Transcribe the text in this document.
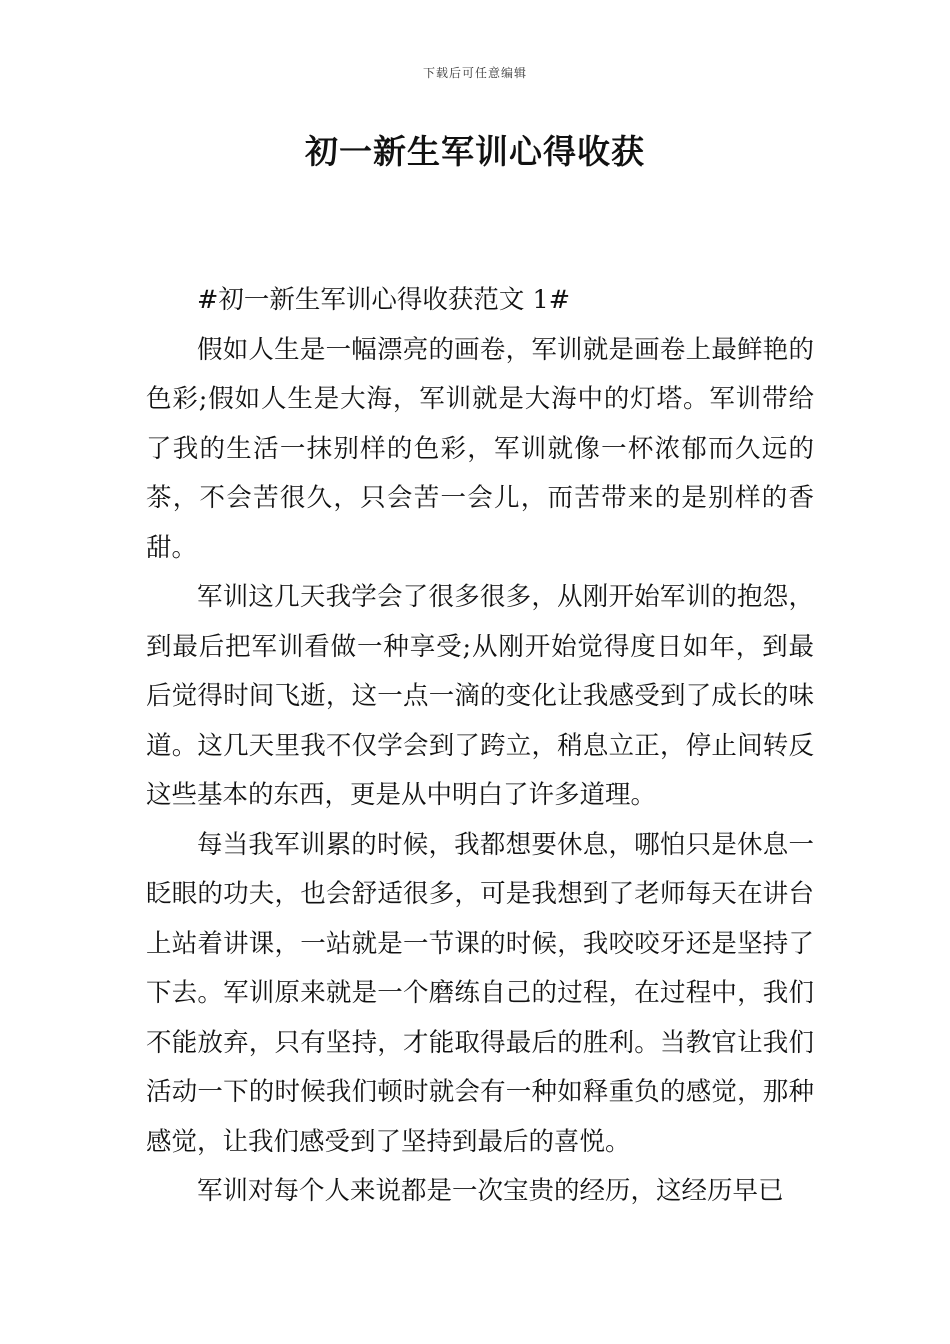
下载后可任意编辑
初一新生军训心得收获

#初一新生军训心得收获范文 1#

假如人生是一幅漂亮的画卷，军训就是画卷上最鲜艳的色彩;假如人生是大海，军训就是大海中的灯塔。军训带给了我的生活一抹别样的色彩，军训就像一杯浓郁而久远的茶，不会苦很久，只会苦一会儿，而苦带来的是别样的香甜。

军训这几天我学会了很多很多，从刚开始军训的抱怨，到最后把军训看做一种享受;从刚开始觉得度日如年，到最后觉得时间飞逝，这一点一滴的变化让我感受到了成长的味道。这几天里我不仅学会到了跨立，稍息立正，停止间转反这些基本的东西，更是从中明白了许多道理。

每当我军训累的时候，我都想要休息，哪怕只是休息一眨眼的功夫，也会舒适很多，可是我想到了老师每天在讲台上站着讲课，一站就是一节课的时候，我咬咬牙还是坚持了下去。军训原来就是一个磨练自己的过程，在过程中，我们不能放弃，只有坚持，才能取得最后的胜利。当教官让我们活动一下的时候我们顿时就会有一种如释重负的感觉，那种感觉，让我们感受到了坚持到最后的喜悦。

军训对每个人来说都是一次宝贵的经历，这经历早已
